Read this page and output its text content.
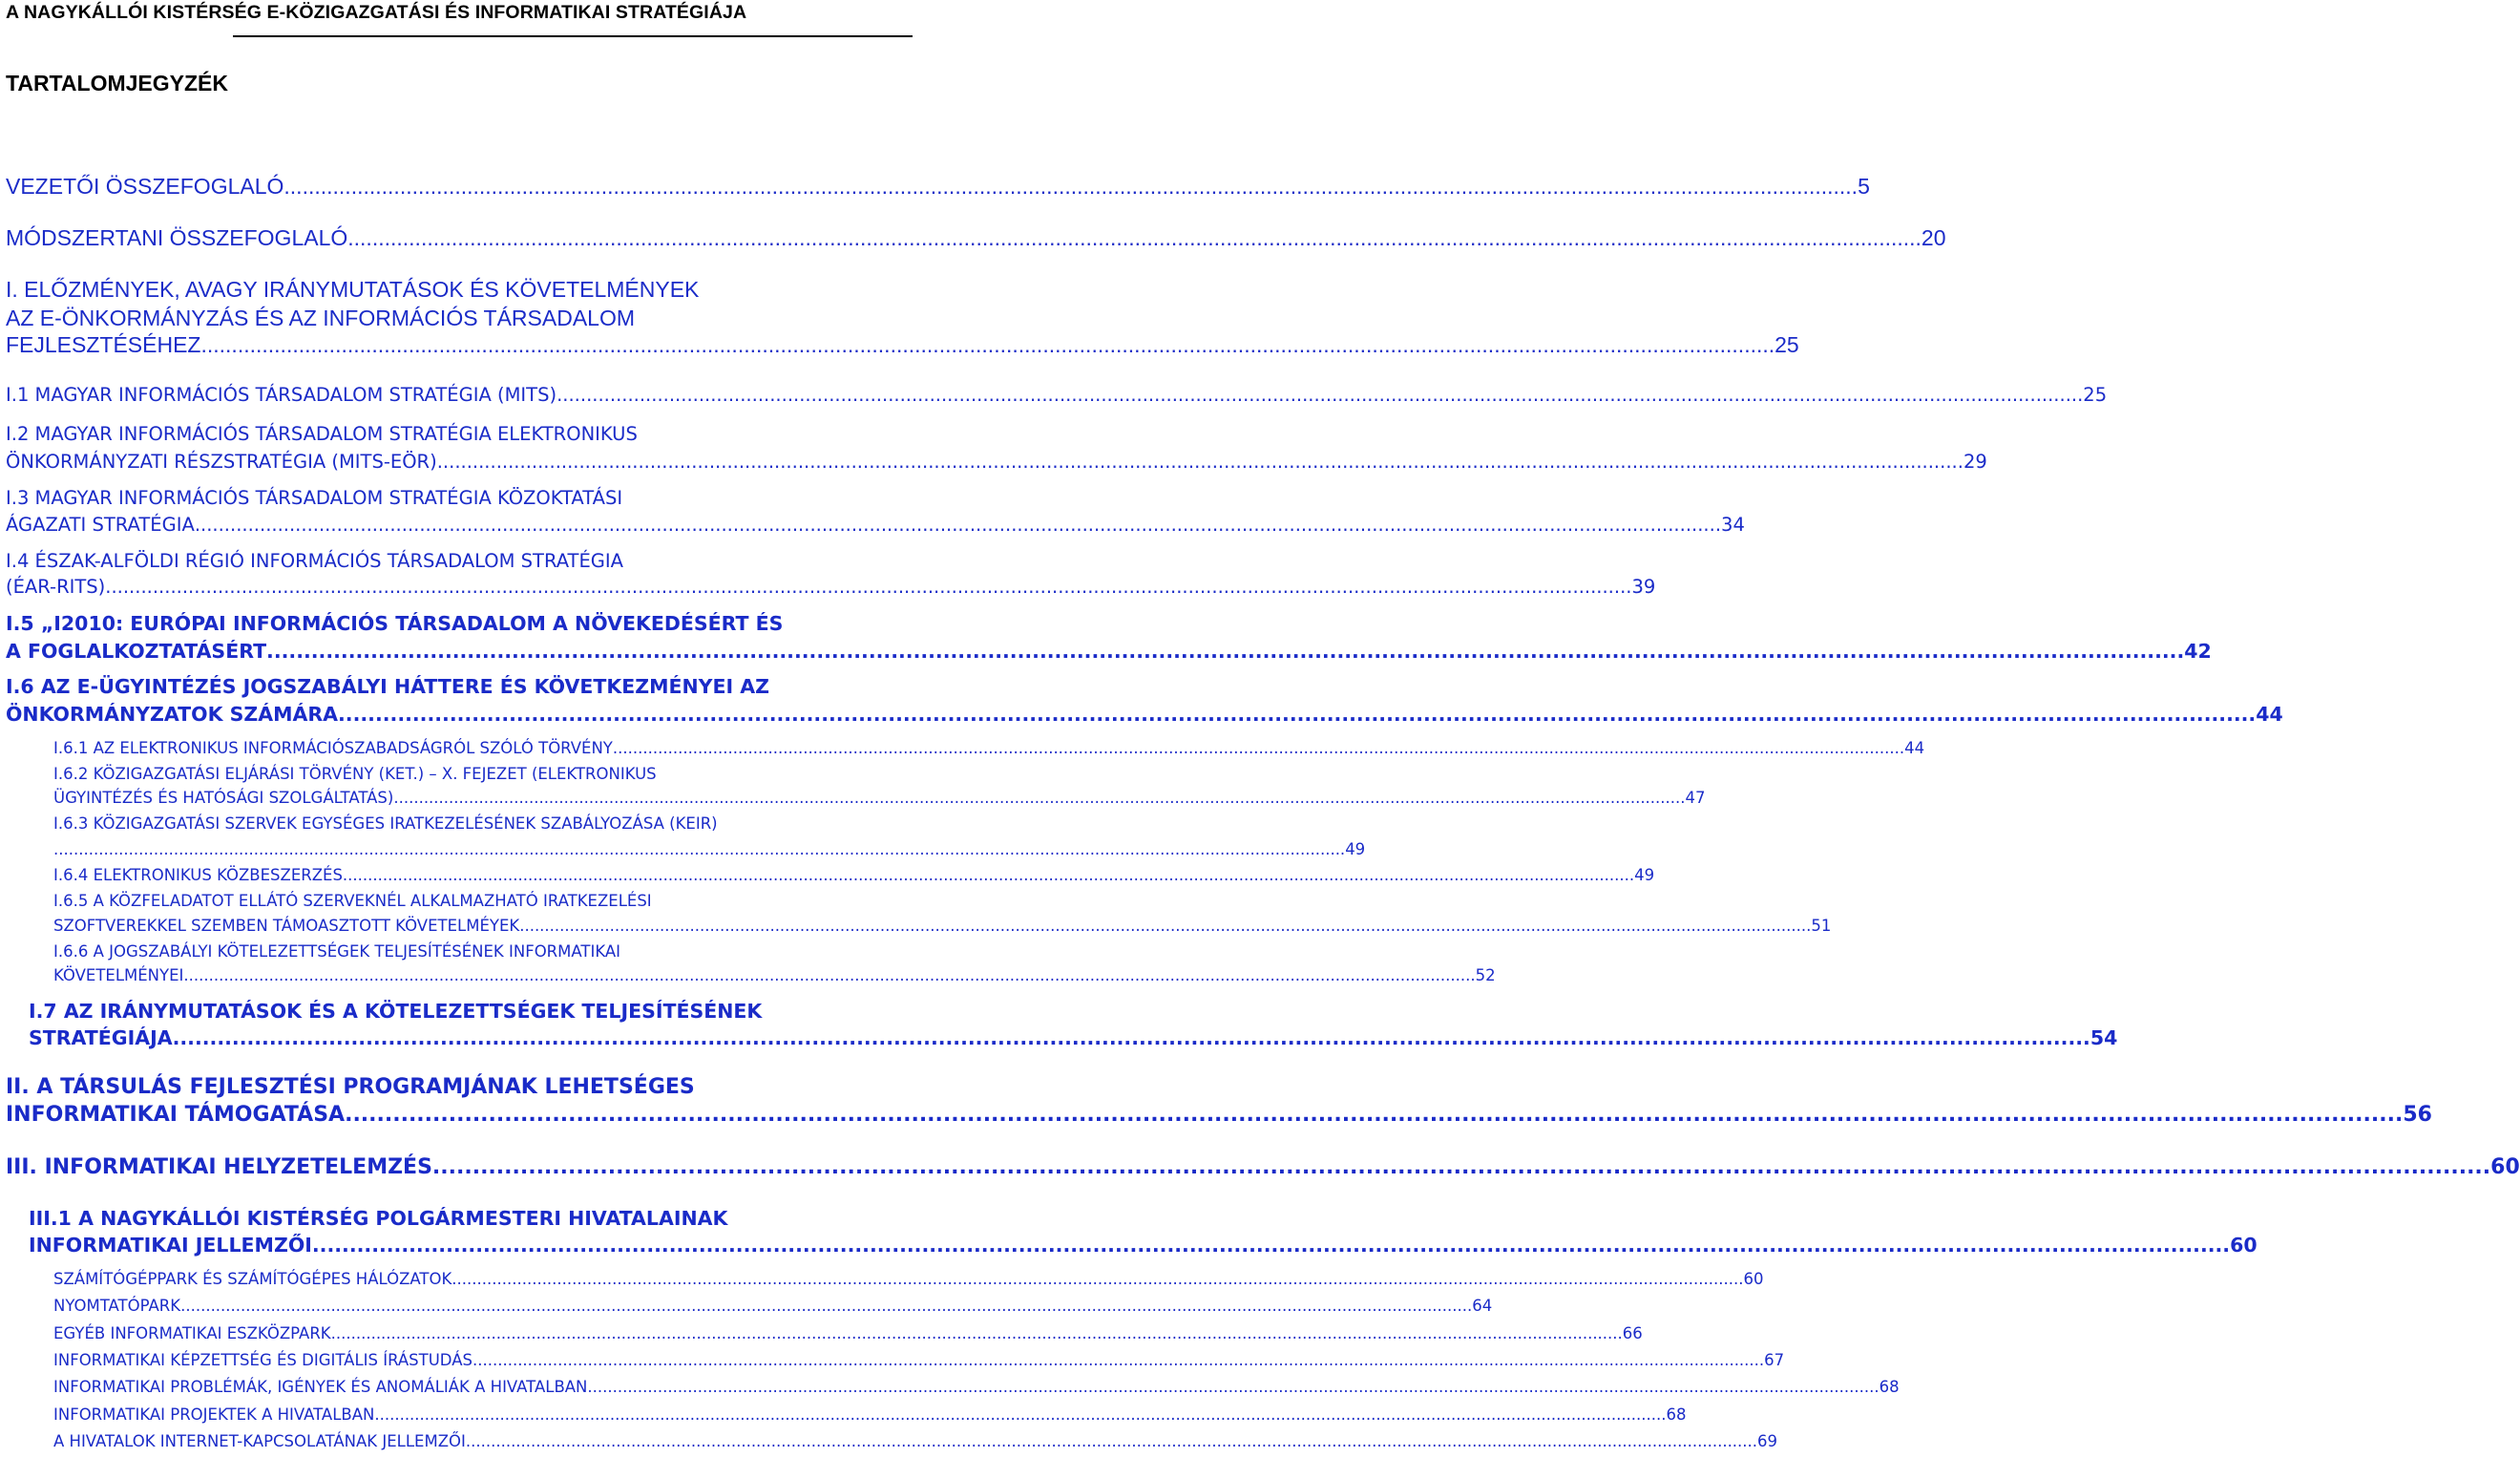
A NAGYKÁLLÓI KISTÉRSÉG E-KÖZIGAZGATÁSI ÉS INFORMATIKAI STRATÉGIÁJA
TARTALOMJEGYZÉK
VEZETŐI ÖSSZEFOGLALÓ .................................................................................................................................................................................................................................................................. 5
MÓDSZERTANI ÖSSZEFOGLALÓ .................................................................................................................................................................................................................................................................. 20
I. ELŐZMÉNYEK, AVAGY IRÁNYMUTATÁSOK ÉS KÖVETELMÉNYEK
AZ E-ÖNKORMÁNYZÁS ÉS AZ INFORMÁCIÓS TÁRSADALOM
FEJLESZTÉSÉHEZ .................................................................................................................................................................................................................................................................. 25
I.1 MAGYAR INFORMÁCIÓS TÁRSADALOM STRATÉGIA (MITS) .................................................................................................................................................................................................................................................................. 25
I.2 MAGYAR INFORMÁCIÓS TÁRSADALOM STRATÉGIA ELEKTRONIKUS
ÖNKORMÁNYZATI RÉSZSTRATÉGIA (MITS-EÖR) .................................................................................................................................................................................................................................................................. 29
I.3 MAGYAR INFORMÁCIÓS TÁRSADALOM STRATÉGIA KÖZOKTATÁSI
ÁGAZATI STRATÉGIA .................................................................................................................................................................................................................................................................. 34
I.4 ÉSZAK-ALFÖLDI RÉGIÓ INFORMÁCIÓS TÁRSADALOM STRATÉGIA
(ÉAR-RITS) .................................................................................................................................................................................................................................................................. 39
I.5 „I2010: EURÓPAI INFORMÁCIÓS TÁRSADALOM A NÖVEKEDÉSÉRT ÉS
A FOGLALKOZTATÁSÉRT .................................................................................................................................................................................................................................................................. 42
I.6 AZ E-ÜGYINTÉZÉS JOGSZABÁLYI HÁTTERE ÉS KÖVETKEZMÉNYEI AZ
ÖNKORMÁNYZATOK SZÁMÁRA .................................................................................................................................................................................................................................................................. 44
I.6.1 AZ ELEKTRONIKUS INFORMÁCIÓSZABADSÁGRÓL SZÓLÓ TÖRVÉNY .................................................................................................................................................................................................................................................................. 44
I.6.2 KÖZIGAZGATÁSI ELJÁRÁSI TÖRVÉNY (KET.) – X. FEJEZET (ELEKTRONIKUS
ÜGYINTÉZÉS ÉS HATÓSÁGI SZOLGÁLTATÁS) .................................................................................................................................................................................................................................................................. 47
I.6.3 KÖZIGAZGATÁSI SZERVEK EGYSÉGES IRATKEZELÉSÉNEK SZABÁLYOZÁSA (KEIR)
.................................................................................................................................................................................................................................................................. 49
I.6.4 ELEKTRONIKUS KÖZBESZERZÉS .................................................................................................................................................................................................................................................................. 49
I.6.5 A KÖZFELADATOT ELLÁTÓ SZERVEKNÉL ALKALMAZHATÓ IRATKEZELÉSI
SZOFTVEREKKEL SZEMBEN TÁMOASZTOTT KÖVETELMÉYEK .................................................................................................................................................................................................................................................................. 51
I.6.6 A JOGSZABÁLYI KÖTELEZETTSÉGEK TELJESÍTÉSÉNEK INFORMATIKAI
KÖVETELMÉNYEI .................................................................................................................................................................................................................................................................. 52
I.7 AZ IRÁNYMUTATÁSOK ÉS A KÖTELEZETTSÉGEK TELJESÍTÉSÉNEK
STRATÉGIÁJA .................................................................................................................................................................................................................................................................. 54
II. A TÁRSULÁS FEJLESZTÉSI PROGRAMJÁNAK LEHETSÉGES
INFORMATIKAI TÁMOGATÁSA .................................................................................................................................................................................................................................................................. 56
III. INFORMATIKAI HELYZETELEMZÉS .................................................................................................................................................................................................................................................................. 60
III.1 A NAGYKÁLLÓI KISTÉRSÉG POLGÁRMESTERI HIVATALAINAK
INFORMATIKAI JELLEMZŐI .................................................................................................................................................................................................................................................................. 60
SZÁMÍTÓGÉPPARK ÉS SZÁMÍTÓGÉPES HÁLÓZATOK .................................................................................................................................................................................................................................................................. 60
NYOMTATÓPARK .................................................................................................................................................................................................................................................................. 64
EGYÉB INFORMATIKAI ESZKÖZPARK .................................................................................................................................................................................................................................................................. 66
INFORMATIKAI KÉPZETTSÉG ÉS DIGITÁLIS ÍRÁSTUDÁS .................................................................................................................................................................................................................................................................. 67
INFORMATIKAI PROBLÉMÁK, IGÉNYEK ÉS ANOMÁLIÁK A HIVATALBAN .................................................................................................................................................................................................................................................................. 68
INFORMATIKAI PROJEKTEK A HIVATALBAN .................................................................................................................................................................................................................................................................. 68
A HIVATALOK INTERNET-KAPCSOLATÁNAK JELLEMZŐI .................................................................................................................................................................................................................................................................. 69
